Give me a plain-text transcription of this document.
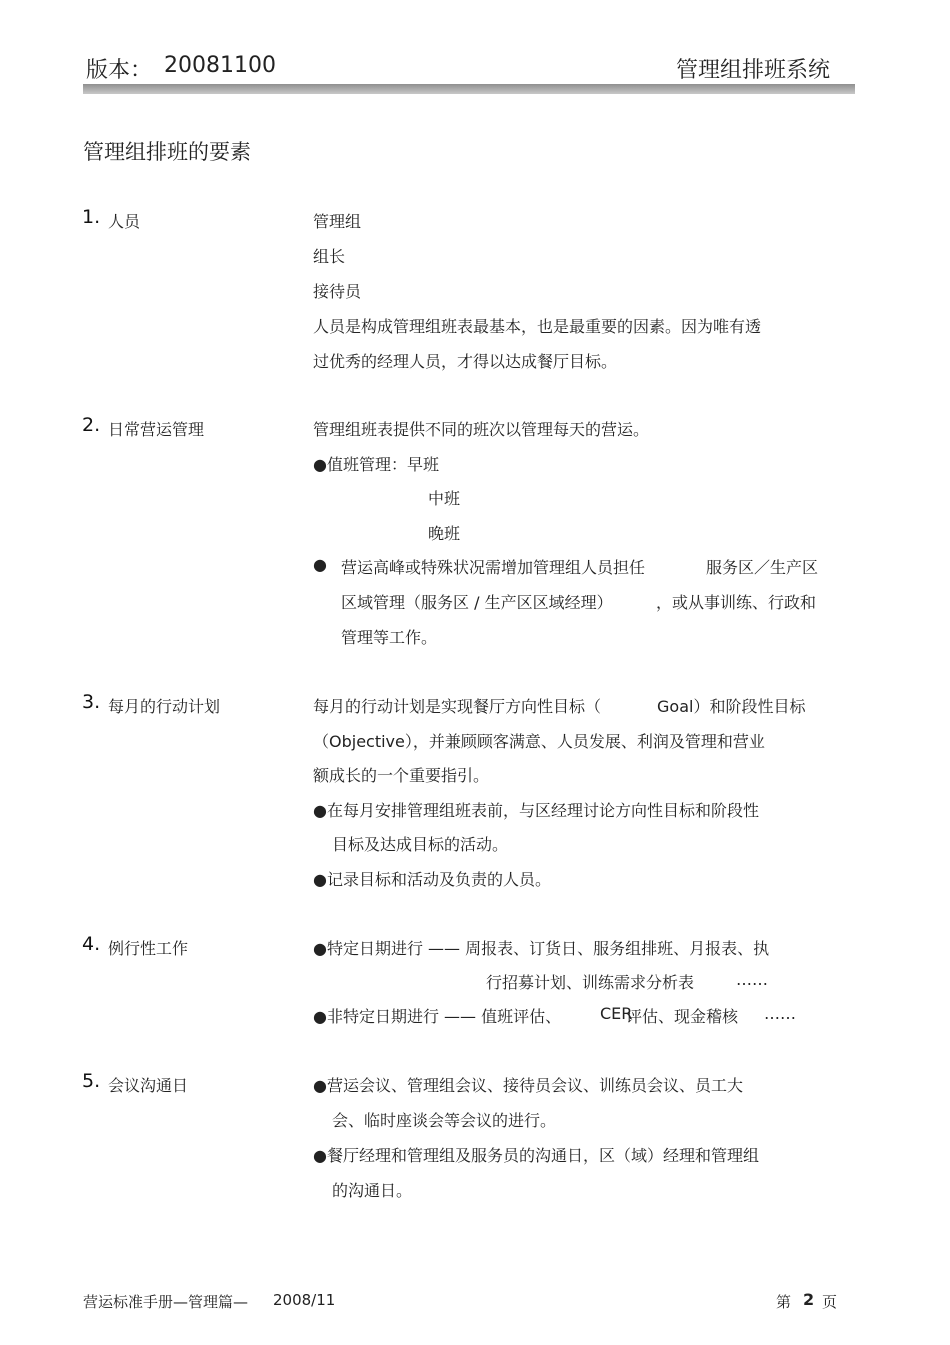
版本： 20081100	管理组排班系统
管理组排班的要素
1. 人员	管理组
组长
接待员
人员是构成管理组班表最基本，也是最重要的因素。因为唯有透
过优秀的经理人员，才得以达成餐厅目标。
2. 日常营运管理	管理组班表提供不同的班次以管理每天的营运。
●值班管理：早班
中班
晚班
● 营运高峰或特殊状况需增加管理组人员担任	服务区／生产区
区域管理（服务区 / 生产区区域经理）	，或从事训练、行政和
管理等工作。
3. 每月的行动计划	每月的行动计划是实现餐厅方向性目标（	Goal）和阶段性目标
（Objective），并兼顾顾客满意、人员发展、利润及管理和营业
额成长的一个重要指引。
●在每月安排管理组班表前，与区经理讨论方向性目标和阶段性
目标及达成目标的活动。
●记录目标和活动及负责的人员。
4. 例行性工作	●特定日期进行 —— 周报表、订货日、服务组排班、月报表、执
行招募计划、训练需求分析表	……
●非特定日期进行 —— 值班评估、 CER
评估、现金稽核 ……
5. 会议沟通日	●营运会议、管理组会议、接待员会议、训练员会议、员工大
会、临时座谈会等会议的进行。
●餐厅经理和管理组及服务员的沟通日，区（域）经理和管理组
的沟通日。
营运标准手册—管理篇— 2008/11	第 2 页
